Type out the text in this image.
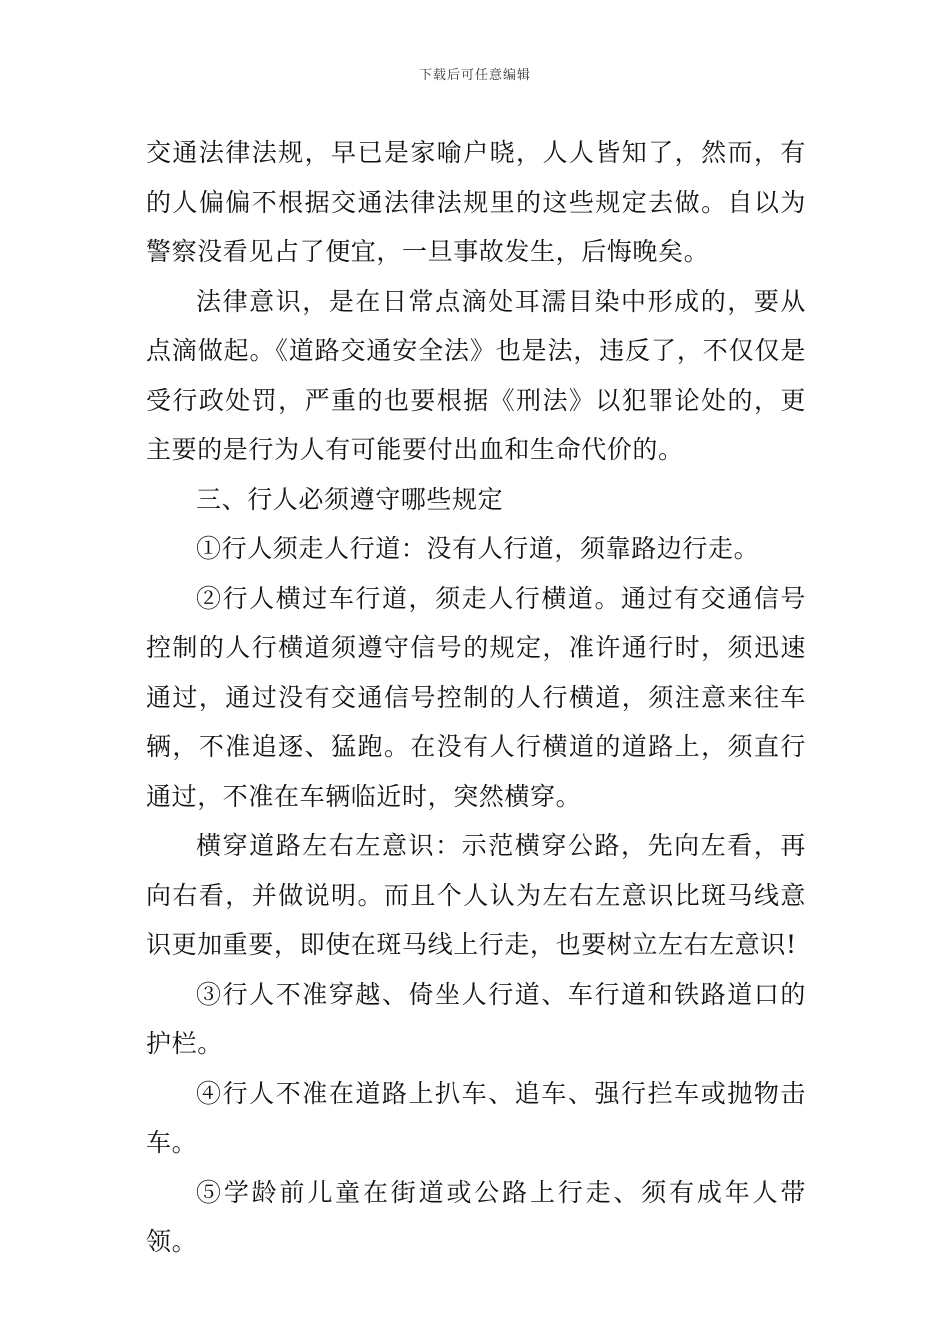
下载后可任意编辑

交通法律法规，早已是家喻户晓，人人皆知了，然而，有的人偏偏不根据交通法律法规里的这些规定去做。自以为警察没看见占了便宜，一旦事故发生，后悔晚矣。

法律意识，是在日常点滴处耳濡目染中形成的，要从点滴做起。《道路交通安全法》也是法，违反了，不仅仅是受行政处罚，严重的也要根据《刑法》以犯罪论处的，更主要的是行为人有可能要付出血和生命代价的。

三、行人必须遵守哪些规定

①行人须走人行道：没有人行道，须靠路边行走。

②行人横过车行道，须走人行横道。通过有交通信号控制的人行横道须遵守信号的规定，准许通行时，须迅速通过，通过没有交通信号控制的人行横道，须注意来往车辆，不准追逐、猛跑。在没有人行横道的道路上，须直行通过，不准在车辆临近时，突然横穿。

横穿道路左右左意识：示范横穿公路，先向左看，再向右看，并做说明。而且个人认为左右左意识比斑马线意识更加重要，即使在斑马线上行走，也要树立左右左意识!

③行人不准穿越、倚坐人行道、车行道和铁路道口的护栏。

④行人不准在道路上扒车、追车、强行拦车或抛物击车。

⑤学龄前儿童在街道或公路上行走、须有成年人带领。
